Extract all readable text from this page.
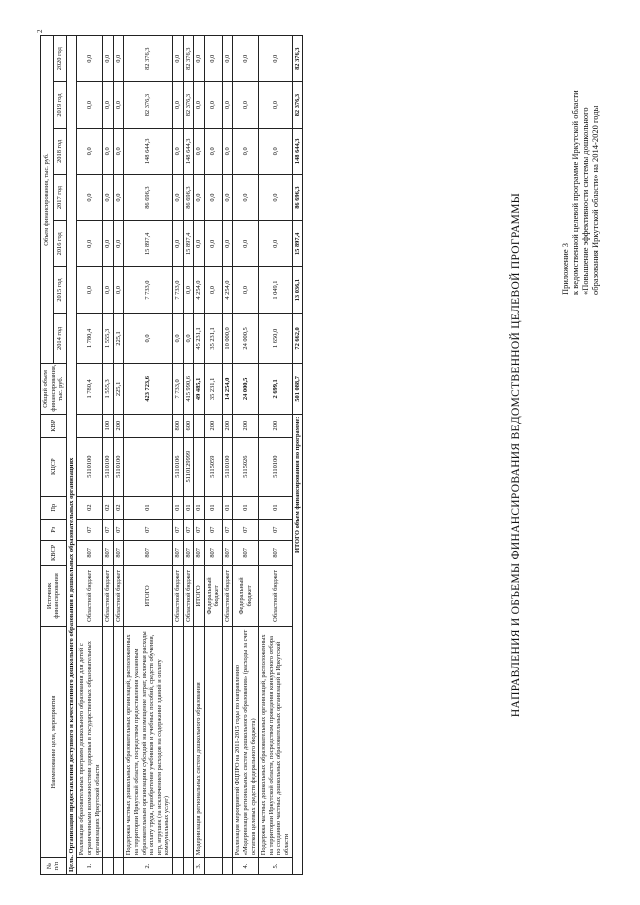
Приложение 3 к ведомственной целевой программе Иркутской области «Повышение эффективности системы дошкольного образования Иркутской области» на 2014-2020 годы
НАПРАВЛЕНИЯ И ОБЪЕМЫ ФИНАНСИРОВАНИЯ ВЕДОМСТВЕННОЙ ЦЕЛЕВОЙ ПРОГРАММЫ
№ п/п	Наименование цели, мероприятия	Источник финансирования	КВСР	Рз	Пр	КЦСР	КВР	Общий объем финансирования, тыс. руб.	Объем финансирования, тыс. руб.						
									2014 год	2015 год	2016 год	2017 год	2018 год	2019 год	2020 год
Цель. Организация предоставления доступного и качественного дошкольного образования в дошкольных образовательных организациях															
1.	Реализация образовательных программ дошкольного образования для детей с ограниченными возможностями здоровья в государственных образовательных организациях Иркутской области	Областной бюджет	807	07	02	5110100		1 780,4	1 780,4	0,0	0,0	0,0	0,0	0,0	0,0
		Областной бюджет	807	07	02	5110100	100	1 555,3	1 555,3	0,0	0,0	0,0	0,0	0,0	0,0
		Областной бюджет	807	07	02	5110100	200	225,1	225,1	0,0	0,0	0,0	0,0	0,0	0,0
2.	Поддержка частных дошкольных образовательных организаций, расположенных на территории Иркутской области, посредством предоставления указанным образовательным организациям субсидий на возмещение затрат, включая расходы на оплату труда, приобретение учебников и учебных пособий, средств обучения, игр, игрушек (за исключением расходов на содержание зданий и оплату коммунальных услуг)	ИТОГО	807	07	01			423 723,6	0,0	7 733,0	15 897,4	86 696,3	148 644,3	82 376,3	82 376,3
		Областной бюджет	807	07	01	5110106	800	7 733,0	0,0	7 733,0	0,0	0,0	0,0	0,0	0,0
		Областной бюджет	807	07	01	5110129999	600	415 990,6	0,0	0,0	15 897,4	86 696,3	148 644,3	82 376,3	82 376,3
3.	Модернизация региональных систем дошкольного образования	ИТОГО	807	07	01			49 485,1	45 231,1	4 254,0	0,0	0,0	0,0	0,0	0,0
		Федеральный бюджет	807	07	01	5115059	200	35 231,1	35 231,1	0,0	0,0	0,0	0,0	0,0	0,0
		Областной бюджет	807	07	01	5110100	200	14 254,0	10 000,0	4 254,0	0,0	0,0	0,0	0,0	0,0
4.	Реализация мероприятий ФЦПРО на 2011-2015 годы по направлению «Модернизация региональных систем дошкольного образования» (расходы за счет остатков целевых средств федерального бюджета)	Федеральный бюджет	807	07	01	5115026	200	24 000,5	24 000,5	0,0	0,0	0,0	0,0	0,0	0,0
5.	Поддержка частных дошкольных образовательных организаций, расположенных на территории Иркутской области, посредством проведения конкурсного отбора по созданию частных дошкольных образовательных организаций в Иркутской области	Областной бюджет	807	07	01	5110100	200	2 699,1	1 650,0	1 049,1	0,0	0,0	0,0	0,0	0,0
ИТОГО объем финансирования по программе:								501 088,7	72 662,0	13 036,1	15 897,4	86 696,3	148 644,3	82 376,3	82 376,3
2
